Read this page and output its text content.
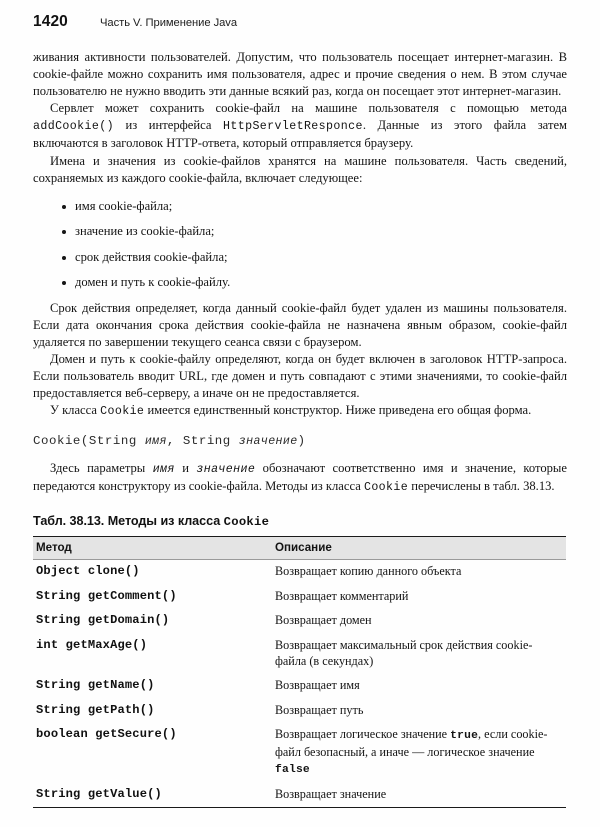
1420	Часть V. Применение Java

живания активности пользователей. Допустим, что пользователь посещает интернет-магазин. В cookie-файле можно сохранить имя пользователя, адрес и прочие сведения о нем. В этом случае пользователю не нужно вводить эти данные всякий раз, когда он посещает этот интернет-магазин.

Сервлет может сохранить cookie-файл на машине пользователя с помощью метода addCookie() из интерфейса HttpServletResponce. Данные из этого файла затем включаются в заголовок HTTP-ответа, который отправляется браузеру.

Имена и значения из cookie-файлов хранятся на машине пользователя. Часть сведений, сохраняемых из каждого cookie-файла, включает следующее:

имя cookie-файла;
значение из cookie-файла;
срок действия cookie-файла;
домен и путь к cookie-файлу.

Срок действия определяет, когда данный cookie-файл будет удален из машины пользователя. Если дата окончания срока действия cookie-файла не назначена явным образом, cookie-файл удаляется по завершении текущего сеанса связи с браузером.

Домен и путь к cookie-файлу определяют, когда он будет включен в заголовок HTTP-запроса. Если пользователь вводит URL, где домен и путь совпадают с этими значениями, то cookie-файл предоставляется веб-серверу, а иначе он не предоставляется.

У класса Cookie имеется единственный конструктор. Ниже приведена его общая форма.

Cookie(String имя, String значение)

Здесь параметры имя и значение обозначают соответственно имя и значение, которые передаются конструктору из cookie-файла. Методы из класса Cookie перечислены в табл. 38.13.

Табл. 38.13. Методы из класса Cookie
Метод	Описание
Object clone()	Возвращает копию данного объекта
String getComment()	Возвращает комментарий
String getDomain()	Возвращает домен
int getMaxAge()	Возвращает максимальный срок действия cookie-файла (в секундах)
String getName()	Возвращает имя
String getPath()	Возвращает путь
boolean getSecure()	Возвращает логическое значение true, если cookie-файл безопасный, а иначе — логическое значение false
String getValue()	Возвращает значение
